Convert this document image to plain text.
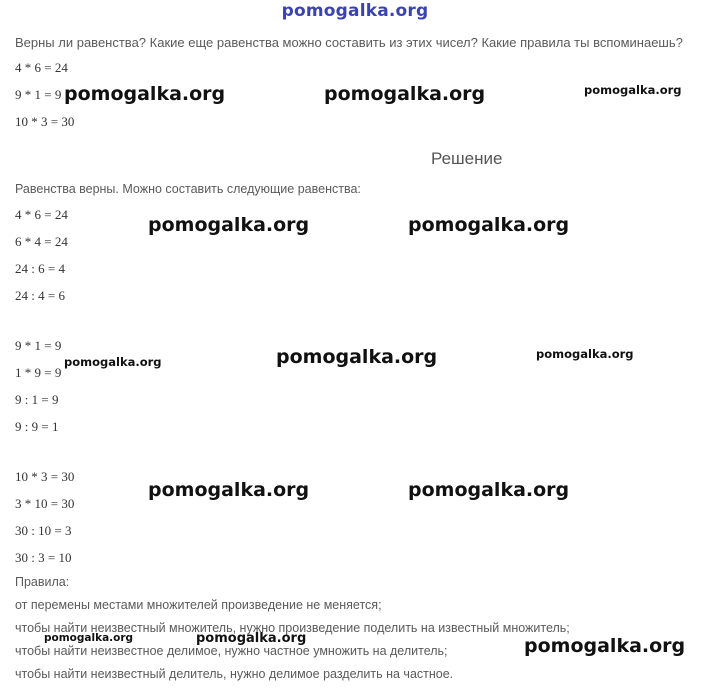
pomogalka.org
Верны ли равенства? Какие еще равенства можно составить из этих чисел? Какие правила ты вспоминаешь?
4 * 6 = 24
9 * 1 = 9
10 * 3 = 30
Решение
Равенства верны. Можно составить следующие равенства:
4 * 6 = 24
6 * 4 = 24
24 : 6 = 4
24 : 4 = 6
9 * 1 = 9
1 * 9 = 9
9 : 1 = 9
9 : 9 = 1
10 * 3 = 30
3 * 10 = 30
30 : 10 = 3
30 : 3 = 10
Правила:
от перемены местами множителей произведение не меняется;
чтобы найти неизвестный множитель, нужно произведение поделить на известный множитель;
чтобы найти неизвестное делимое, нужно частное умножить на делитель;
чтобы найти неизвестный делитель, нужно делимое разделить на частное.
pomogalka.org	pomogalka.org	pomogalka.org
pomogalka.org	pomogalka.org
pomogalka.org	pomogalka.org	pomogalka.org
pomogalka.org	pomogalka.org
pomogalka.org	pomogalka.org	pomogalka.org
